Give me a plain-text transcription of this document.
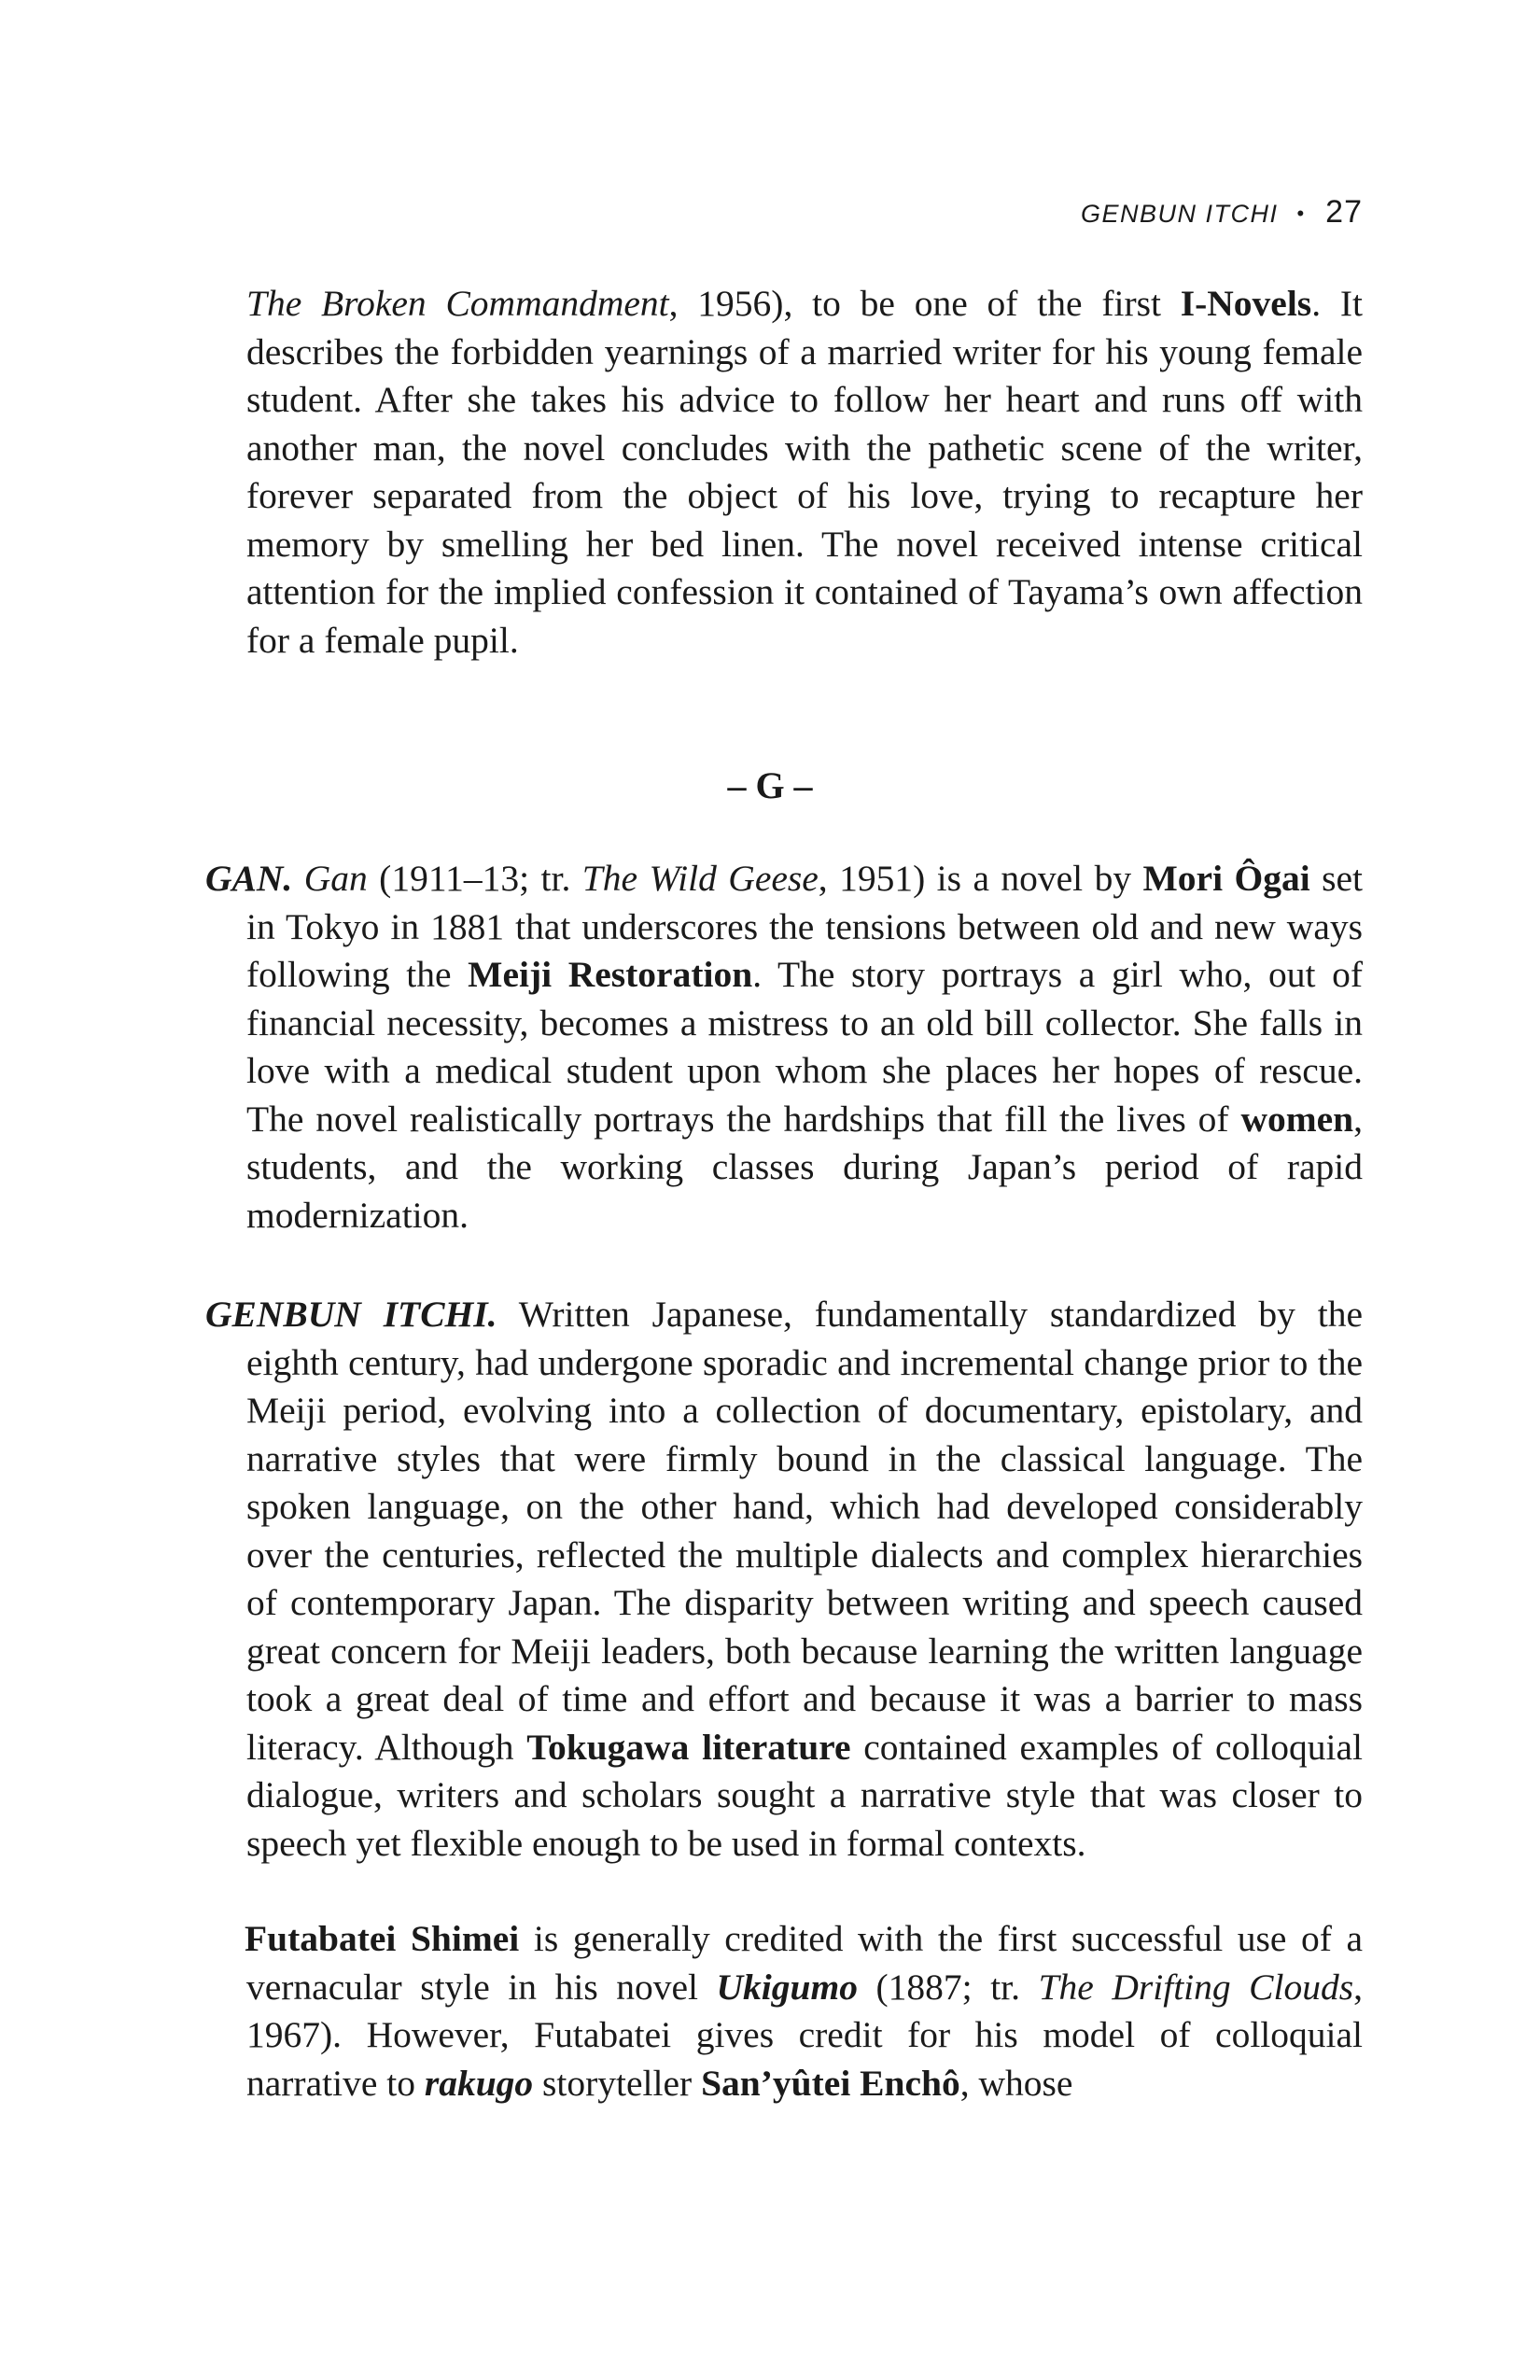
GENBUN ITCHI • 27
The Broken Commandment, 1956), to be one of the first I-Novels. It describes the forbidden yearnings of a married writer for his young female student. After she takes his advice to follow her heart and runs off with another man, the novel concludes with the pathetic scene of the writer, forever separated from the object of his love, trying to recapture her memory by smelling her bed linen. The novel received intense critical attention for the implied confession it contained of Tayama’s own affection for a female pupil.
– G –
GAN. Gan (1911–13; tr. The Wild Geese, 1951) is a novel by Mori Ôgai set in Tokyo in 1881 that underscores the tensions between old and new ways following the Meiji Restoration. The story portrays a girl who, out of financial necessity, becomes a mistress to an old bill collector. She falls in love with a medical student upon whom she places her hopes of rescue. The novel realistically portrays the hardships that fill the lives of women, students, and the working classes during Japan’s period of rapid modernization.
GENBUN ITCHI. Written Japanese, fundamentally standardized by the eighth century, had undergone sporadic and incremental change prior to the Meiji period, evolving into a collection of documentary, epistolary, and narrative styles that were firmly bound in the classical language. The spoken language, on the other hand, which had developed considerably over the centuries, reflected the multiple dialects and complex hierarchies of contemporary Japan. The disparity between writing and speech caused great concern for Meiji leaders, both because learning the written language took a great deal of time and effort and because it was a barrier to mass literacy. Although Tokugawa literature contained examples of colloquial dialogue, writers and scholars sought a narrative style that was closer to speech yet flexible enough to be used in formal contexts.
Futabatei Shimei is generally credited with the first successful use of a vernacular style in his novel Ukigumo (1887; tr. The Drifting Clouds, 1967). However, Futabatei gives credit for his model of colloquial narrative to rakugo storyteller San’yûtei Enchô, whose
